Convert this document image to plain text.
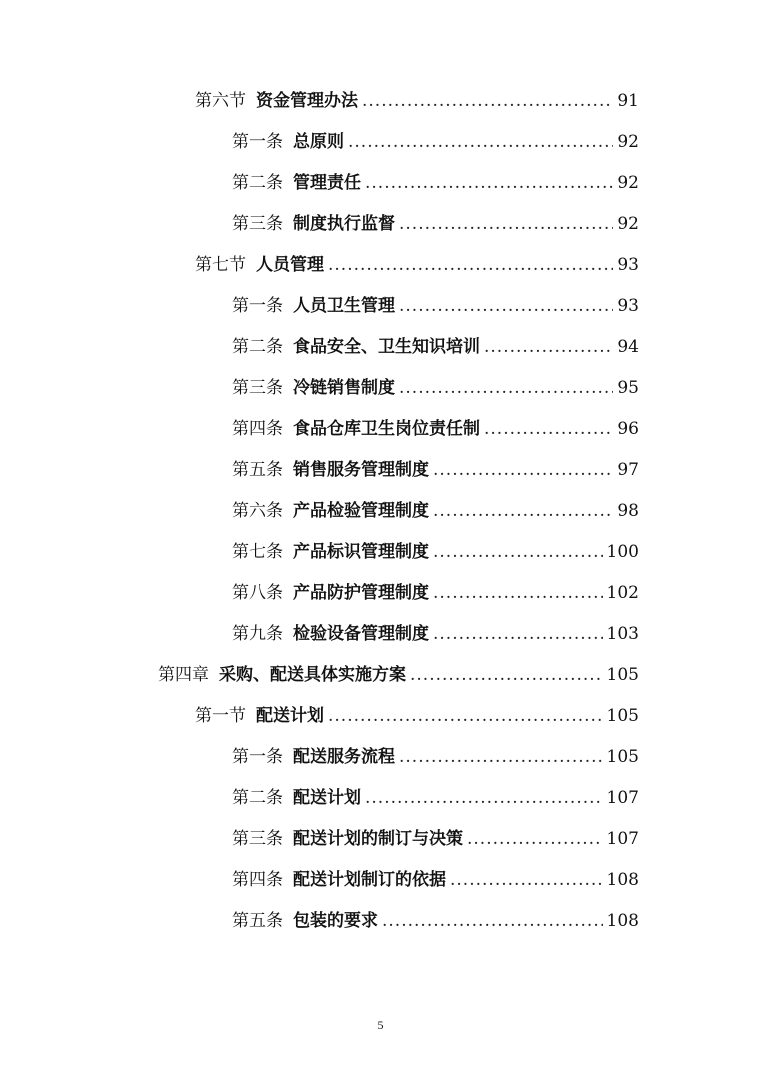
第六节 资金管理办法 .....	91
第一条 总原则 .....	92
第二条 管理责任 .....	92
第三条 制度执行监督 .....	92
第七节 人员管理 .....	93
第一条 人员卫生管理 .....	93
第二条 食品安全、卫生知识培训 .....	94
第三条 冷链销售制度 .....	95
第四条 食品仓库卫生岗位责任制 .....	96
第五条 销售服务管理制度 .....	97
第六条 产品检验管理制度 .....	98
第七条 产品标识管理制度 .....	100
第八条 产品防护管理制度 .....	102
第九条 检验设备管理制度 .....	103
第四章 采购、配送具体实施方案 .....	105
第一节 配送计划 .....	105
第一条 配送服务流程 .....	105
第二条 配送计划 .....	107
第三条 配送计划的制订与决策 .....	107
第四条 配送计划制订的依据 .....	108
第五条 包装的要求 .....	108
5
